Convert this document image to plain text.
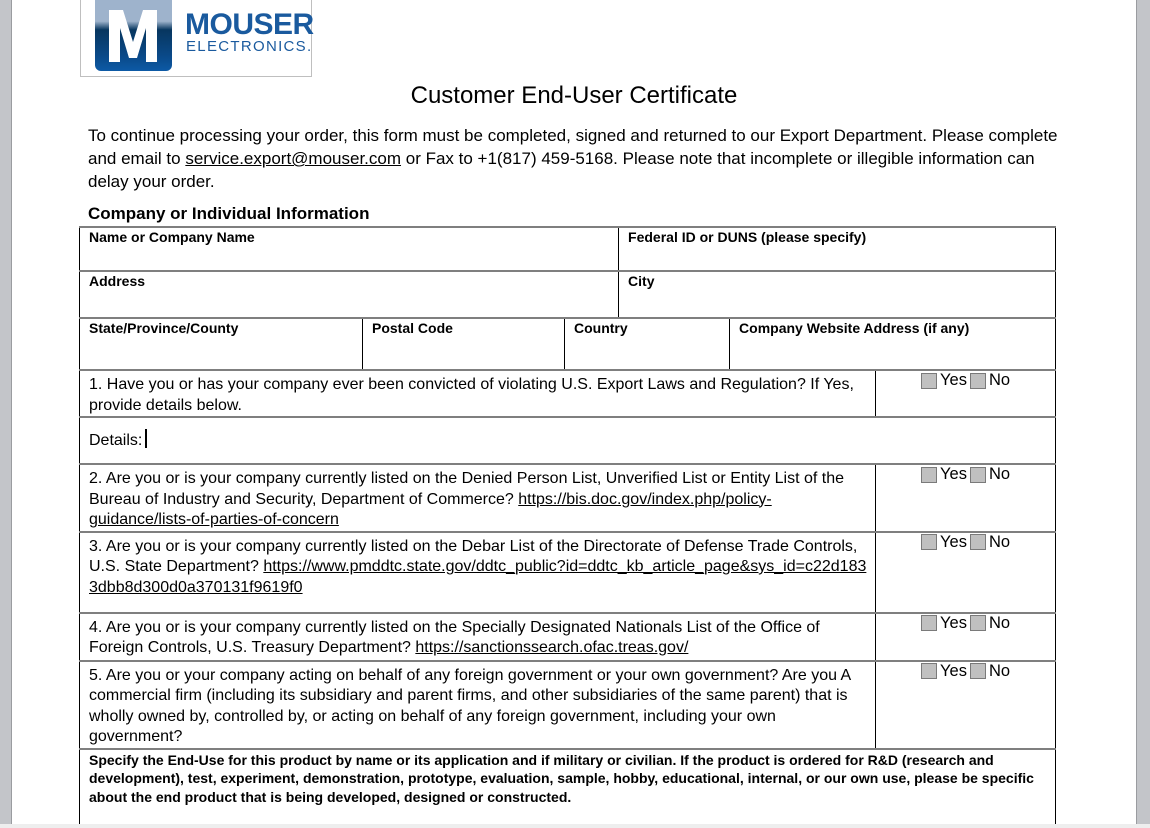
MOUSER
ELECTRONICS.
Customer End-User Certificate
To continue processing your order, this form must be completed, signed and returned to our Export Department. Please complete and email to service.export@mouser.com or Fax to +1(817) 459-5168. Please note that incomplete or illegible information can delay your order.
Company or Individual Information
Name or Company Name			Federal ID or DUNS (please specify)		

Address			City		

State/Province/County	Postal Code	Country		Company Website Address (if any)	

1. Have you or has your company ever been convicted of violating U.S. Export Laws and Regulation? If Yes, provide details below.					Yes No

Details:					

2. Are you or is your company currently listed on the Denied Person List, Unverified List or Entity List of the Bureau of Industry and Security, Department of Commerce? https://bis.doc.gov/index.php/policy-guidance/lists-of-parties-of-concern					Yes No

3. Are you or is your company currently listed on the Debar List of the Directorate of Defense Trade Controls, U.S. State Department? https://www.pmddtc.state.gov/ddtc_public?id=ddtc_kb_article_page&sys_id=c22d1833dbb8d300d0a370131f9619f0					Yes No

4. Are you or is your company currently listed on the Specially Designated Nationals List of the Office of Foreign Controls, U.S. Treasury Department? https://sanctionssearch.ofac.treas.gov/					Yes No

5. Are you or your company acting on behalf of any foreign government or your own government? Are you A commercial firm (including its subsidiary and parent firms, and other subsidiaries of the same parent) that is wholly owned by, controlled by, or acting on behalf of any foreign government, including your own government?					Yes No

Specify the End-Use for this product by name or its application and if military or civilian. If the product is ordered for R&D (research and development), test, experiment, demonstration, prototype, evaluation, sample, hobby, educational, internal, or our own use, please be specific about the end product that is being developed, designed or constructed.					
